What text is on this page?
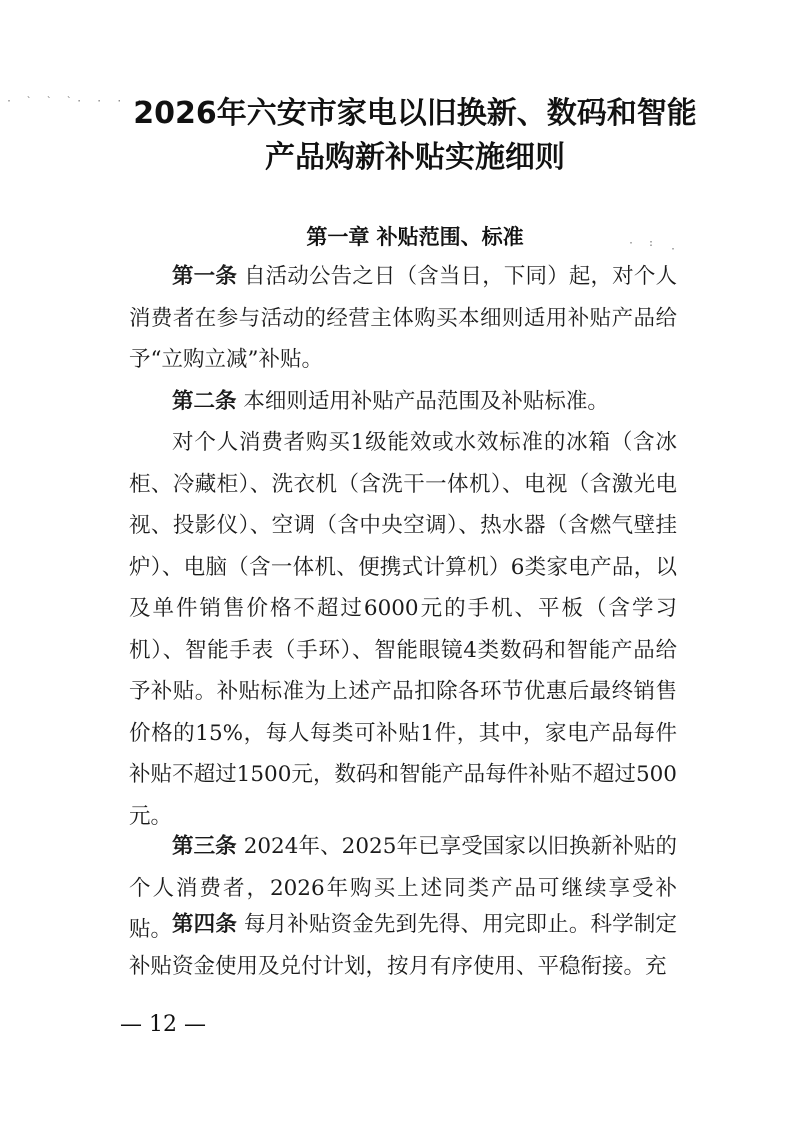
· ` ` `· · · ·
· :
·
2026年六安市家电以旧换新、数码和智能
产品购新补贴实施细则
第一章 补贴范围、标准
第一条 自活动公告之日（含当日，下同）起，对个人消费者在参与活动的经营主体购买本细则适用补贴产品给予“立购立减”补贴。
第二条 本细则适用补贴产品范围及补贴标准。
对个人消费者购买1级能效或水效标准的冰箱（含冰柜、冷藏柜）、洗衣机（含洗干一体机）、电视（含激光电视、投影仪）、空调（含中央空调）、热水器（含燃气壁挂炉）、电脑（含一体机、便携式计算机）6类家电产品，以及单件销售价格不超过6000元的手机、平板（含学习机）、智能手表（手环）、智能眼镜4类数码和智能产品给予补贴。补贴标准为上述产品扣除各环节优惠后最终销售价格的15%，每人每类可补贴1件，其中，家电产品每件补贴不超过1500元，数码和智能产品每件补贴不超过500元。
第三条 2024年、2025年已享受国家以旧换新补贴的个人消费者，2026年购买上述同类产品可继续享受补贴。 第四条 每月补贴资金先到先得、用完即止。科学制定补贴资金使用及兑付计划，按月有序使用、平稳衔接。充
— 12 —
